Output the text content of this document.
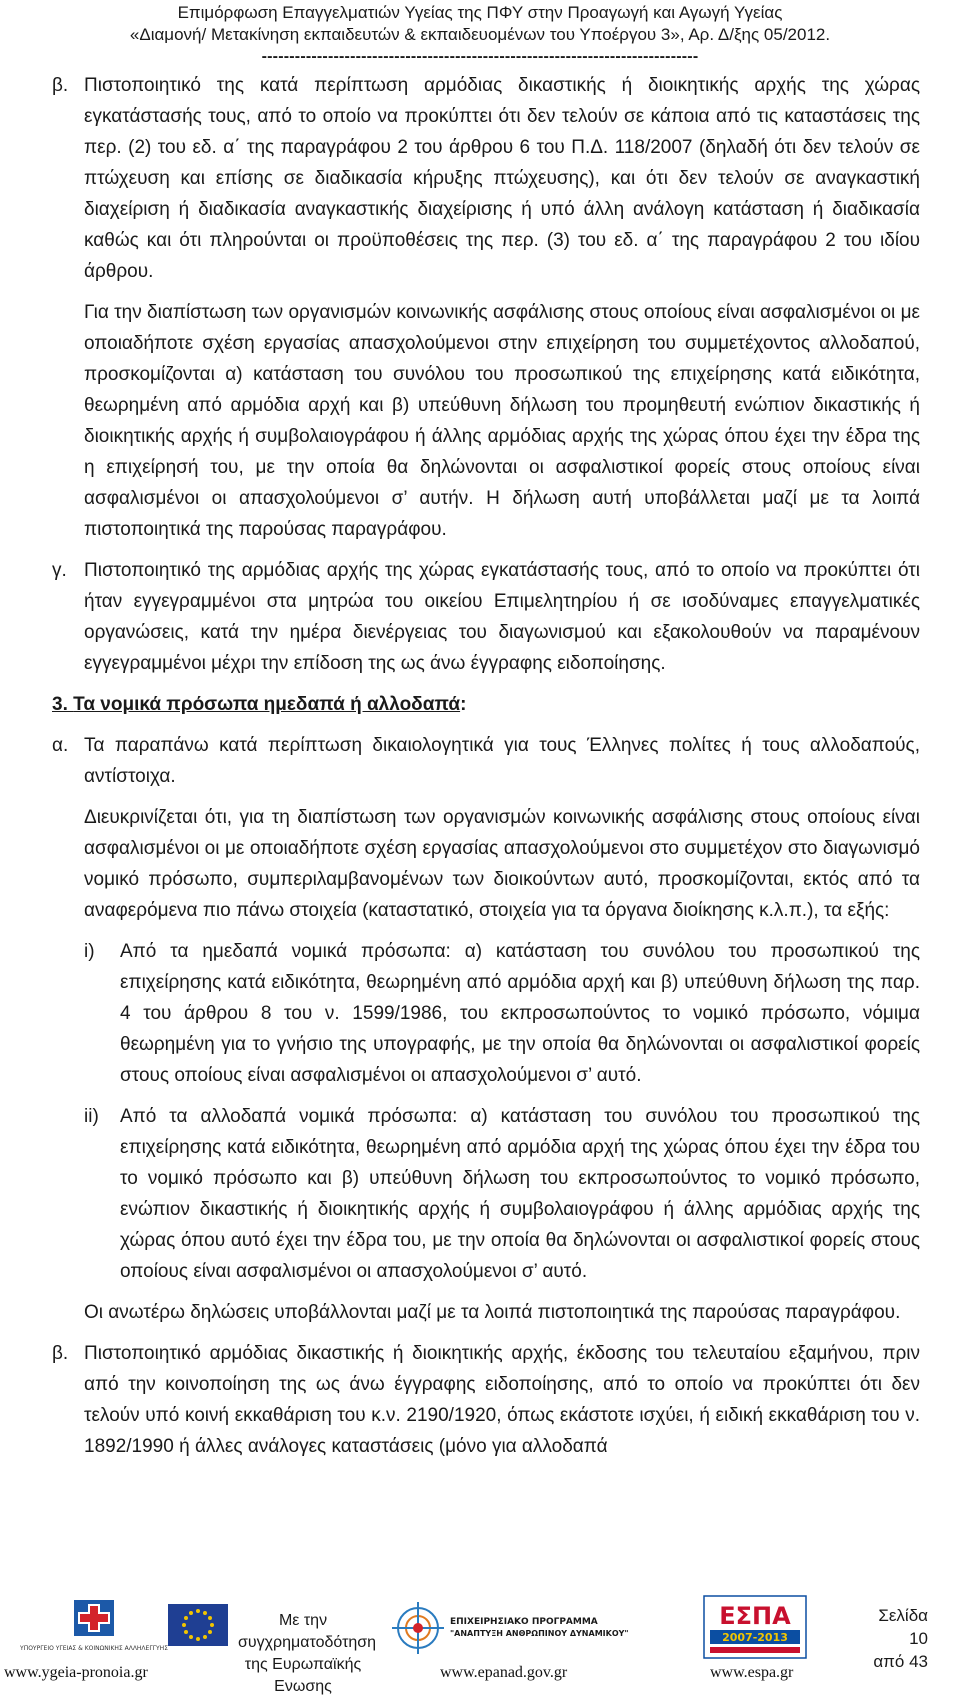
Επιμόρφωση Επαγγελματιών Υγείας της ΠΦΥ στην Προαγωγή και Αγωγή Υγείας
«Διαμονή/ Μετακίνηση εκπαιδευτών & εκπαιδευομένων του Υποέργου 3», Αρ. Δ/ξης 05/2012.
-------------------------------------------------------------------------------
β. Πιστοποιητικό της κατά περίπτωση αρμόδιας δικαστικής ή διοικητικής αρχής της χώρας εγκατάστασής τους, από το οποίο να προκύπτει ότι δεν τελούν σε κάποια από τις καταστάσεις της περ. (2) του εδ. α΄ της παραγράφου 2 του άρθρου 6 του Π.Δ. 118/2007 (δηλαδή ότι δεν τελούν σε πτώχευση και επίσης σε διαδικασία κήρυξης πτώχευσης), και ότι δεν τελούν σε αναγκαστική διαχείριση ή διαδικασία αναγκαστικής διαχείρισης ή υπό άλλη ανάλογη κατάσταση ή διαδικασία καθώς και ότι πληρούνται οι προϋποθέσεις της περ. (3) του εδ. α΄ της παραγράφου 2 του ιδίου άρθρου.

Για την διαπίστωση των οργανισμών κοινωνικής ασφάλισης στους οποίους είναι ασφαλισμένοι οι με οποιαδήποτε σχέση εργασίας απασχολούμενοι στην επιχείρηση του συμμετέχοντος αλλοδαπού, προσκομίζονται α) κατάσταση του συνόλου του προσωπικού της επιχείρησης κατά ειδικότητα, θεωρημένη από αρμόδια αρχή και β) υπεύθυνη δήλωση του προμηθευτή ενώπιον δικαστικής ή διοικητικής αρχής ή συμβολαιογράφου ή άλλης αρμόδιας αρχής της χώρας όπου έχει την έδρα της η επιχείρησή του, με την οποία θα δηλώνονται οι ασφαλιστικοί φορείς στους οποίους είναι ασφαλισμένοι οι απασχολούμενοι σ’ αυτήν. Η δήλωση αυτή υποβάλλεται μαζί με τα λοιπά πιστοποιητικά της παρούσας παραγράφου.

γ. Πιστοποιητικό της αρμόδιας αρχής της χώρας εγκατάστασής τους, από το οποίο να προκύπτει ότι ήταν εγγεγραμμένοι στα μητρώα του οικείου Επιμελητηρίου ή σε ισοδύναμες επαγγελματικές οργανώσεις, κατά την ημέρα διενέργειας του διαγωνισμού και εξακολουθούν να παραμένουν εγγεγραμμένοι μέχρι την επίδοση της ως άνω έγγραφης ειδοποίησης.
3. Τα νομικά πρόσωπα ημεδαπά ή αλλοδαπά:
α. Τα παραπάνω κατά περίπτωση δικαιολογητικά για τους Έλληνες πολίτες ή τους αλλοδαπούς, αντίστοιχα.

Διευκρινίζεται ότι, για τη διαπίστωση των οργανισμών κοινωνικής ασφάλισης στους οποίους είναι ασφαλισμένοι οι με οποιαδήποτε σχέση εργασίας απασχολούμενοι στο συμμετέχον στο διαγωνισμό νομικό πρόσωπο, συμπεριλαμβανομένων των διοικούντων αυτό, προσκομίζονται, εκτός από τα αναφερόμενα πιο πάνω στοιχεία (καταστατικό, στοιχεία για τα όργανα διοίκησης κ.λ.π.), τα εξής:

i)	Από τα ημεδαπά νομικά πρόσωπα: α) κατάσταση του συνόλου του προσωπικού της επιχείρησης κατά ειδικότητα, θεωρημένη από αρμόδια αρχή και β) υπεύθυνη δήλωση της παρ. 4 του άρθρου 8 του ν. 1599/1986, του εκπροσωπούντος το νομικό πρόσωπο, νόμιμα θεωρημένη για το γνήσιο της υπογραφής, με την οποία θα δηλώνονται οι ασφαλιστικοί φορείς στους οποίους είναι ασφαλισμένοι οι απασχολούμενοι σ’ αυτό.
ii)	Από τα αλλοδαπά νομικά πρόσωπα: α) κατάσταση του συνόλου του προσωπικού της επιχείρησης κατά ειδικότητα, θεωρημένη από αρμόδια αρχή της χώρας όπου έχει την έδρα του το νομικό πρόσωπο και β) υπεύθυνη δήλωση του εκπροσωπούντος το νομικό πρόσωπο, ενώπιον δικαστικής ή διοικητικής αρχής ή συμβολαιογράφου ή άλλης αρμόδιας αρχής της χώρας όπου αυτό έχει την έδρα του, με την οποία θα δηλώνονται οι ασφαλιστικοί φορείς στους οποίους είναι ασφαλισμένοι οι απασχολούμενοι σ’ αυτό.

Οι ανωτέρω δηλώσεις υποβάλλονται μαζί με τα λοιπά πιστοποιητικά της παρούσας παραγράφου.

β. Πιστοποιητικό αρμόδιας δικαστικής ή διοικητικής αρχής, έκδοσης του τελευταίου εξαμήνου, πριν από την κοινοποίηση της ως άνω έγγραφης ειδοποίησης, από το οποίο να προκύπτει ότι δεν τελούν υπό κοινή εκκαθάριση του κ.ν. 2190/1920, όπως εκάστοτε ισχύει, ή ειδική εκκαθάριση του ν. 1892/1990 ή άλλες ανάλογες καταστάσεις (μόνο για αλλοδαπά
ΥΠΟΥΡΓΕΙΟ ΥΓΕΙΑΣ & ΚΟΙΝΩΝΙΚΗΣ ΑΛΛΗΛΕΓΓΥΗΣ
www.ygeia-pronoia.gr
Με την
συγχρηματοδότηση
της Ευρωπαϊκής
Ενωσης
ΕΠΙΧΕΙΡΗΣΙΑΚΟ ΠΡΟΓΡΑΜΜΑ
"ΑΝΑΠΤΥΞΗ ΑΝΘΡΩΠΙΝΟΥ ΔΥΝΑΜΙΚΟΥ"
www.epanad.gov.gr
ΕΣΠΑ
2007-2013
www.espa.gr
Σελίδα 10
από 43
